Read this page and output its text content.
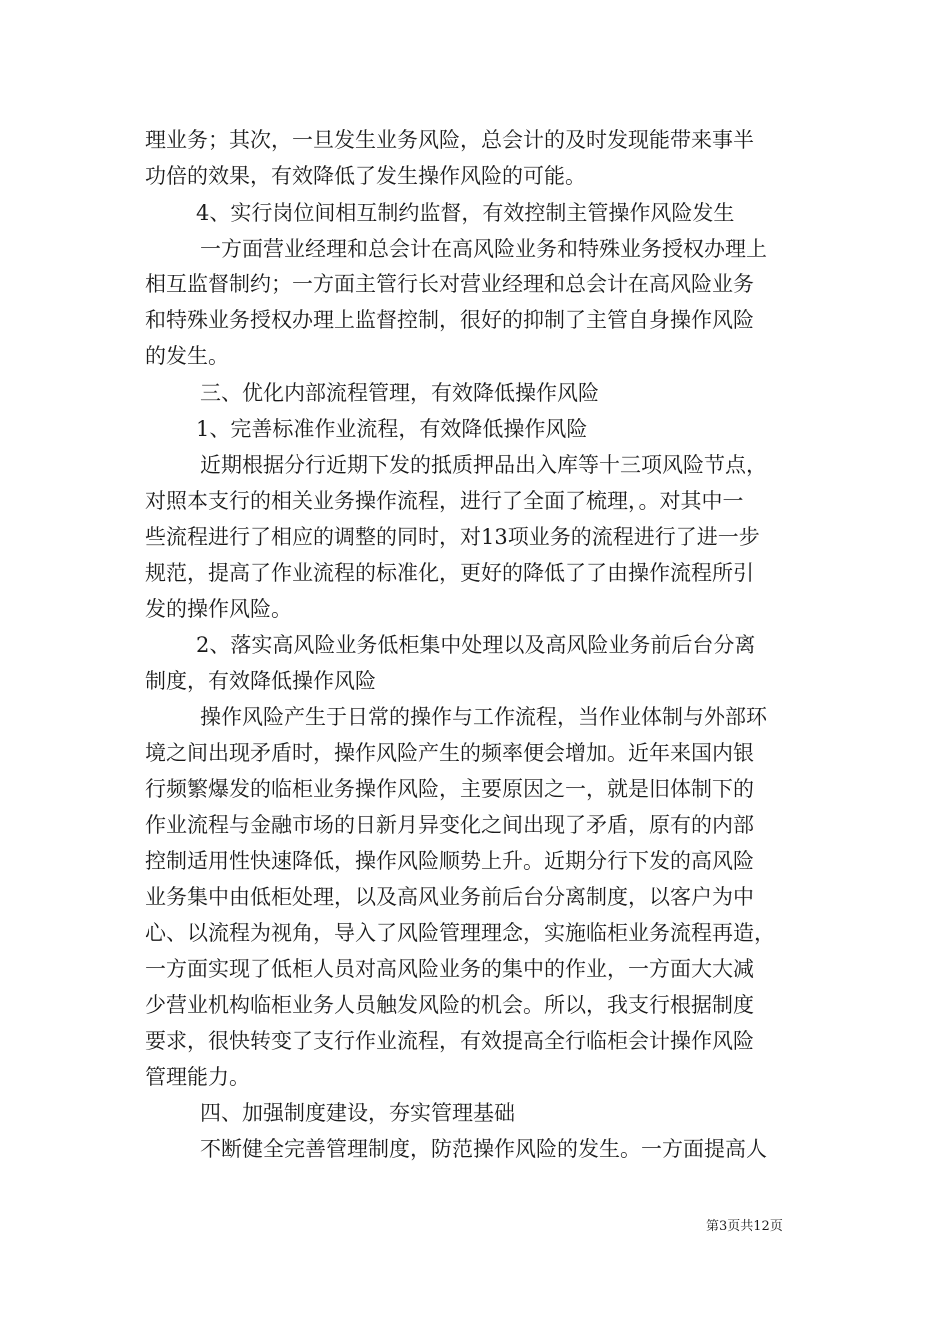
理业务；其次，一旦发生业务风险，总会计的及时发现能带来事半
功倍的效果，有效降低了发生操作风险的可能。
4、实行岗位间相互制约监督，有效控制主管操作风险发生
一方面营业经理和总会计在高风险业务和特殊业务授权办理上
相互监督制约；一方面主管行长对营业经理和总会计在高风险业务
和特殊业务授权办理上监督控制，很好的抑制了主管自身操作风险
的发生。
三、优化内部流程管理，有效降低操作风险
1、完善标准作业流程，有效降低操作风险
近期根据分行近期下发的抵质押品出入库等十三项风险节点，
对照本支行的相关业务操作流程，进行了全面了梳理，。对其中一
些流程进行了相应的调整的同时，对13项业务的流程进行了进一步
规范，提高了作业流程的标准化，更好的降低了了由操作流程所引
发的操作风险。
2、落实高风险业务低柜集中处理以及高风险业务前后台分离
制度，有效降低操作风险
操作风险产生于日常的操作与工作流程，当作业体制与外部环
境之间出现矛盾时，操作风险产生的频率便会增加。近年来国内银
行频繁爆发的临柜业务操作风险，主要原因之一，就是旧体制下的
作业流程与金融市场的日新月异变化之间出现了矛盾，原有的内部
控制适用性快速降低，操作风险顺势上升。近期分行下发的高风险
业务集中由低柜处理，以及高风业务前后台分离制度，以客户为中
心、以流程为视角，导入了风险管理理念，实施临柜业务流程再造，
一方面实现了低柜人员对高风险业务的集中的作业，一方面大大减
少营业机构临柜业务人员触发风险的机会。所以，我支行根据制度
要求，很快转变了支行作业流程，有效提高全行临柜会计操作风险
管理能力。
四、加强制度建设，夯实管理基础
不断健全完善管理制度，防范操作风险的发生。一方面提高人
第3页共12页
